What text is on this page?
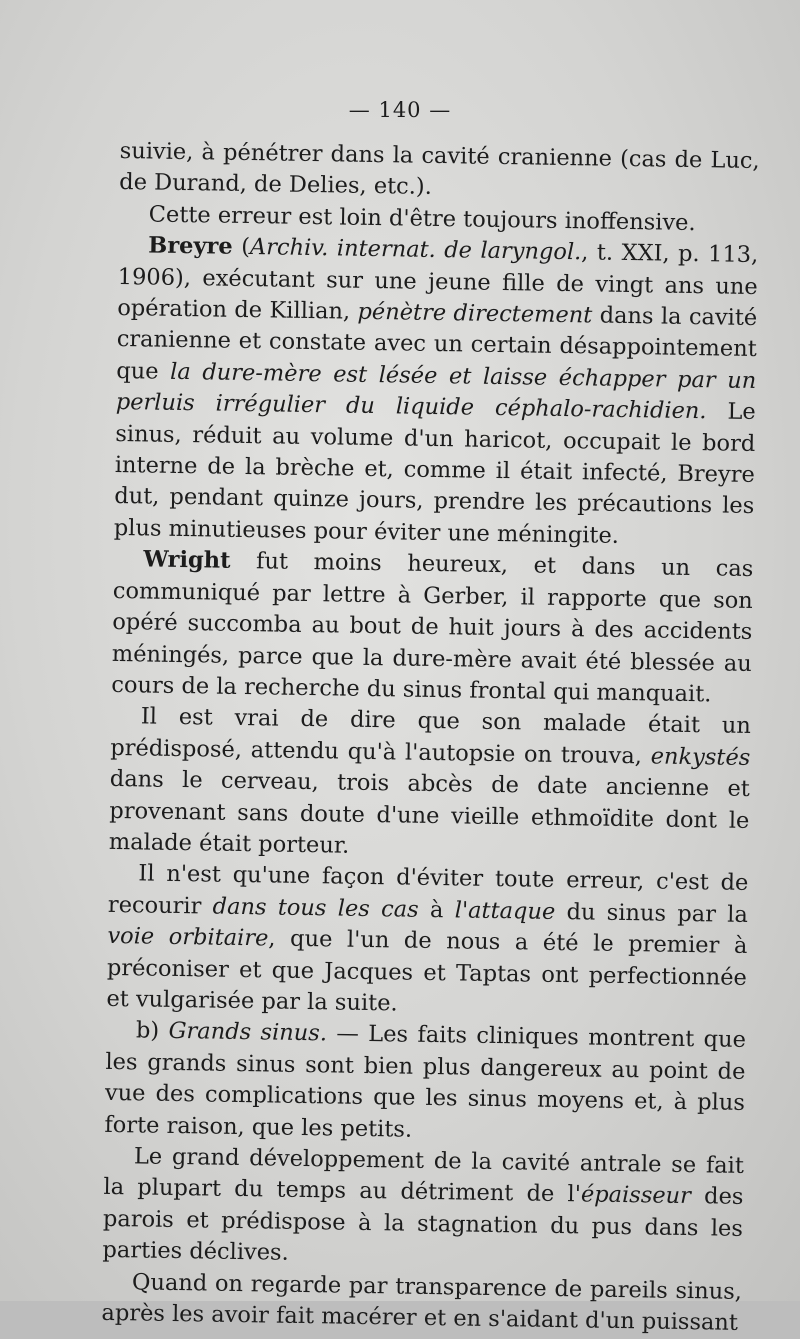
— 140 —

suivie, à pénétrer dans la cavité cranienne (cas de Luc, de Durand, de Delies, etc.).

Cette erreur est loin d'être toujours inoffensive.

Breyre (Archiv. internat. de laryngol., t. XXI, p. 113, 1906), exécutant sur une jeune fille de vingt ans une opération de Killian, pénètre directement dans la cavité cranienne et constate avec un certain désappointement que la dure-mère est lésée et laisse échapper par un perluis irrégulier du liquide céphalo-rachidien. Le sinus, réduit au volume d'un haricot, occupait le bord interne de la brèche et, comme il était infecté, Breyre dut, pendant quinze jours, prendre les précautions les plus minutieuses pour éviter une méningite.

Wright fut moins heureux, et dans un cas communiqué par lettre à Gerber, il rapporte que son opéré succomba au bout de huit jours à des accidents méningés, parce que la dure-mère avait été blessée au cours de la recherche du sinus frontal qui manquait.

Il est vrai de dire que son malade était un prédisposé, attendu qu'à l'autopsie on trouva, enkystés dans le cerveau, trois abcès de date ancienne et provenant sans doute d'une vieille ethmoïdite dont le malade était porteur.

Il n'est qu'une façon d'éviter toute erreur, c'est de recourir dans tous les cas à l'attaque du sinus par la voie orbitaire, que l'un de nous a été le premier à préconiser et que Jacques et Taptas ont perfectionnée et vulgarisée par la suite.

b) Grands sinus. — Les faits cliniques montrent que les grands sinus sont bien plus dangereux au point de vue des complications que les sinus moyens et, à plus forte raison, que les petits.

Le grand développement de la cavité antrale se fait la plupart du temps au détriment de l'épaisseur des parois et prédispose à la stagnation du pus dans les parties déclives.

Quand on regarde par transparence de pareils sinus, après les avoir fait macérer et en s'aidant d'un puissant
